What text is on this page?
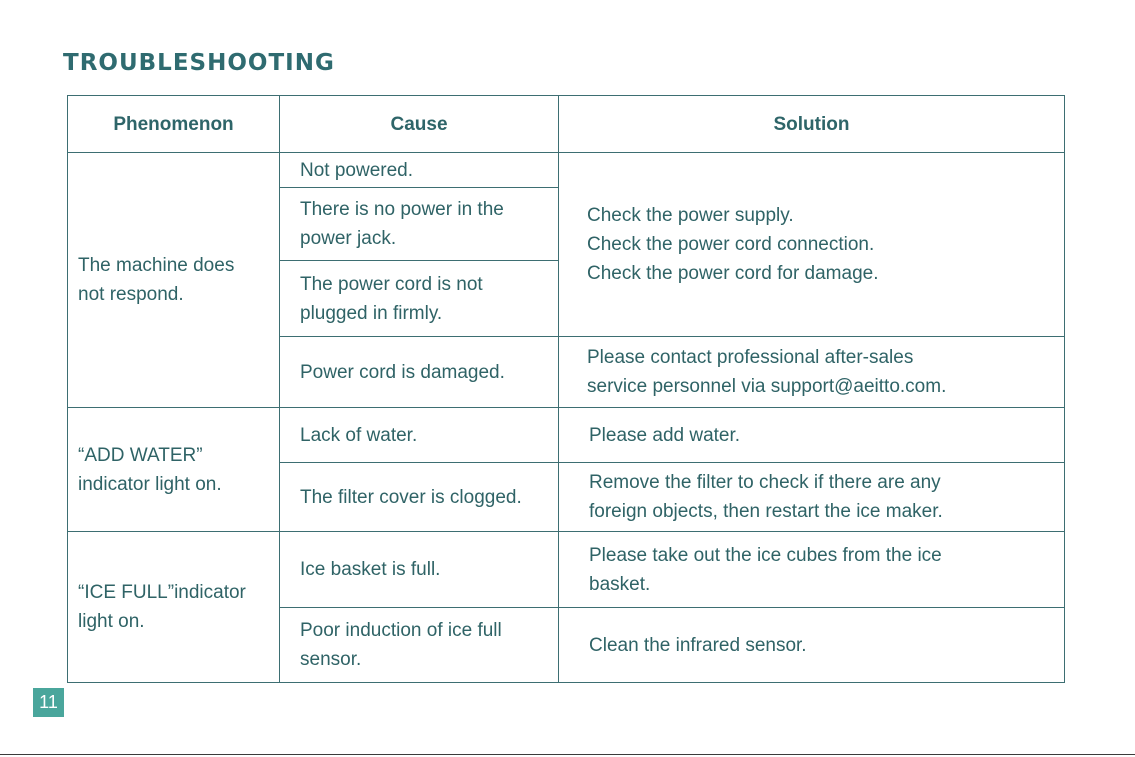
TROUBLESHOOTING
Phenomenon	Cause	Solution

The machine does
not respond.	Not powered.	Check the power supply.
Check the power cord connection.
Check the power cord for damage.

	There is no power in the
power jack.	

	The power cord is not
plugged in firmly.	

	Power cord is damaged.	Please contact professional after-sales
service personnel via support@aeitto.com.

“ADD WATER”
indicator light on.	Lack of water.	Please add water.

	The filter cover is clogged.	Remove the filter to check if there are any
foreign objects, then restart the ice maker.

“ICE FULL”indicator
light on.	Ice basket is full.	Please take out the ice cubes from the ice
basket.

	Poor induction of ice full
sensor.	Clean the infrared sensor.
11
